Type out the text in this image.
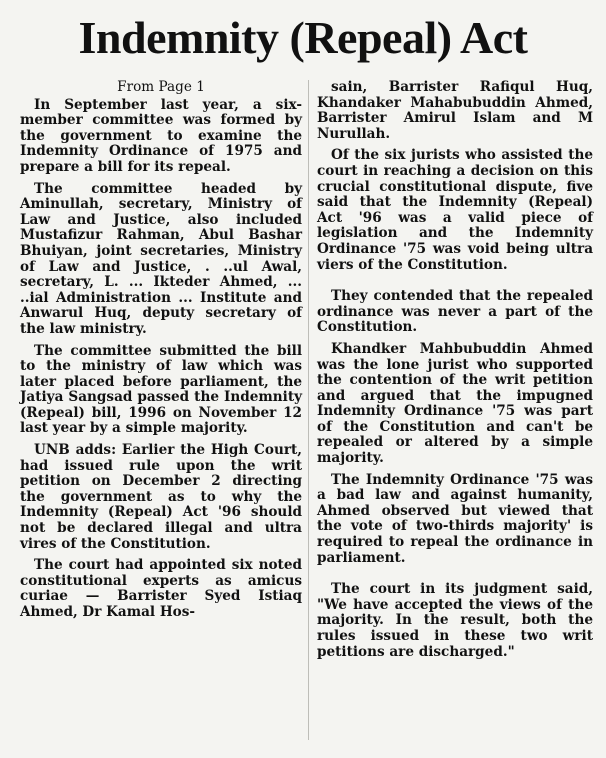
Indemnity (Repeal) Act

From Page 1

In September last year, a six-member committee was formed by the government to examine the Indemnity Ordinance of 1975 and prepare a bill for its repeal.

The committee headed by Aminullah, secretary, Ministry of Law and Justice, also included Mustafizur Rahman, Abul Bashar Bhuiyan, joint secretaries, Ministry of Law and Justice, . ..ul Awal, secretary, L. ... Ikteder Ahmed, ... ..ial Administration ... Institute and Anwarul Huq, deputy secretary of the law ministry.

The committee submitted the bill to the ministry of law which was later placed before parliament, the Jatiya Sangsad passed the Indemnity (Repeal) bill, 1996 on November 12 last year by a simple majority.

UNB adds: Earlier the High Court, had issued rule upon the writ petition on December 2 directing the government as to why the Indemnity (Repeal) Act '96 should not be declared illegal and ultra vires of the Constitution.

The court had appointed six noted constitutional experts as amicus curiae — Barrister Syed Istiaq Ahmed, Dr Kamal Hos-

sain, Barrister Rafiqul Huq, Khandaker Mahabubuddin Ahmed, Barrister Amirul Islam and M Nurullah.

Of the six jurists who assisted the court in reaching a decision on this crucial constitutional dispute, five said that the Indemnity (Repeal) Act '96 was a valid piece of legislation and the Indemnity Ordinance '75 was void being ultra viers of the Constitution.

They contended that the repealed ordinance was never a part of the Constitution.

Khandker Mahbubuddin Ahmed was the lone jurist who supported the contention of the writ petition and argued that the impugned Indemnity Ordinance '75 was part of the Constitution and can't be repealed or altered by a simple majority.

The Indemnity Ordinance '75 was a bad law and against humanity, Ahmed observed but viewed that the vote of two-thirds majority' is required to repeal the ordinance in parliament.

The court in its judgment said, "We have accepted the views of the majority. In the result, both the rules issued in these two writ petitions are discharged."
